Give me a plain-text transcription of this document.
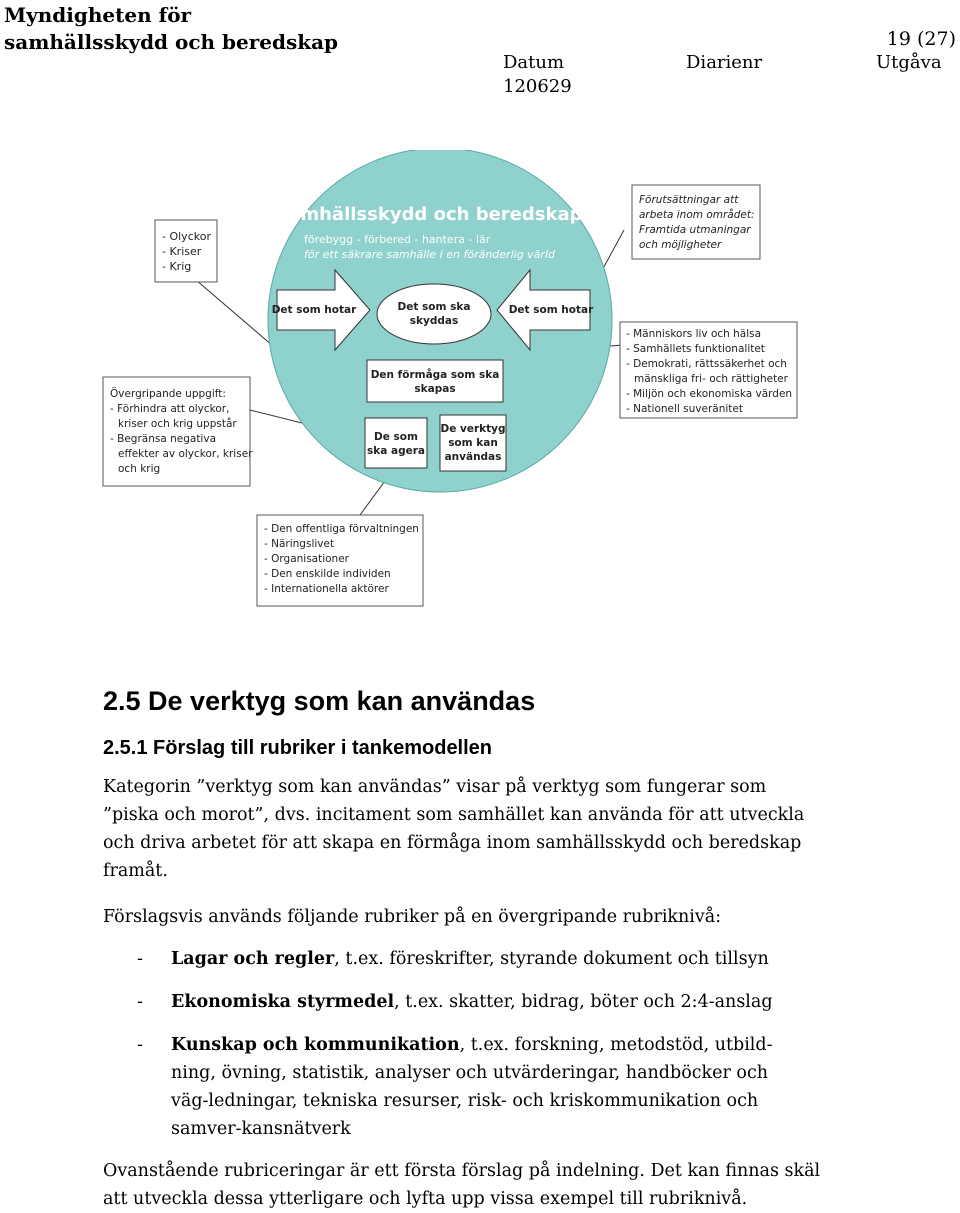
Myndigheten för
samhällsskydd och beredskap	19 (27)
Datum	Diarienr	Utgåva
120629
samhällsskydd och beredskap
förebygg - förbered - hantera - lär
för ett säkrare samhälle i en föränderlig värld
Det som hotar	Det som hotar
Det som ska
skyddas
Den förmåga som ska
skapas
De som
ska agera
De verktyg
som kan
användas
- Olyckor
- Kriser
- Krig
Förutsättningar att
arbeta inom området:
Framtida utmaningar
och möjligheter
- Människors liv och hälsa
- Samhällets funktionalitet
- Demokrati, rättssäkerhet och
mänskliga fri- och rättigheter
- Miljön och ekonomiska värden
- Nationell suveränitet
Övergripande uppgift:
- Förhindra att olyckor,
kriser och krig uppstår
- Begränsa negativa
effekter av olyckor, kriser
och krig
- Den offentliga förvaltningen
- Näringslivet
- Organisationer
- Den enskilde individen
- Internationella aktörer
2.5 De verktyg som kan användas
2.5.1 Förslag till rubriker i tankemodellen
Kategorin ”verktyg som kan användas” visar på verktyg som fungerar som ”piska och morot”, dvs. incitament som samhället kan använda för att utveckla och driva arbetet för att skapa en förmåga inom samhällsskydd och beredskap framåt.
Förslagsvis används följande rubriker på en övergripande rubriknivå:
- Lagar och regler, t.ex. föreskrifter, styrande dokument och tillsyn
- Ekonomiska styrmedel, t.ex. skatter, bidrag, böter och 2:4-anslag
- Kunskap och kommunikation, t.ex. forskning, metodstöd, utbild-ning, övning, statistik, analyser och utvärderingar, handböcker och väg-ledningar, tekniska resurser, risk- och kriskommunikation och samver-kansnätverk
Ovanstående rubriceringar är ett första förslag på indelning. Det kan finnas skäl att utveckla dessa ytterligare och lyfta upp vissa exempel till rubriknivå.
